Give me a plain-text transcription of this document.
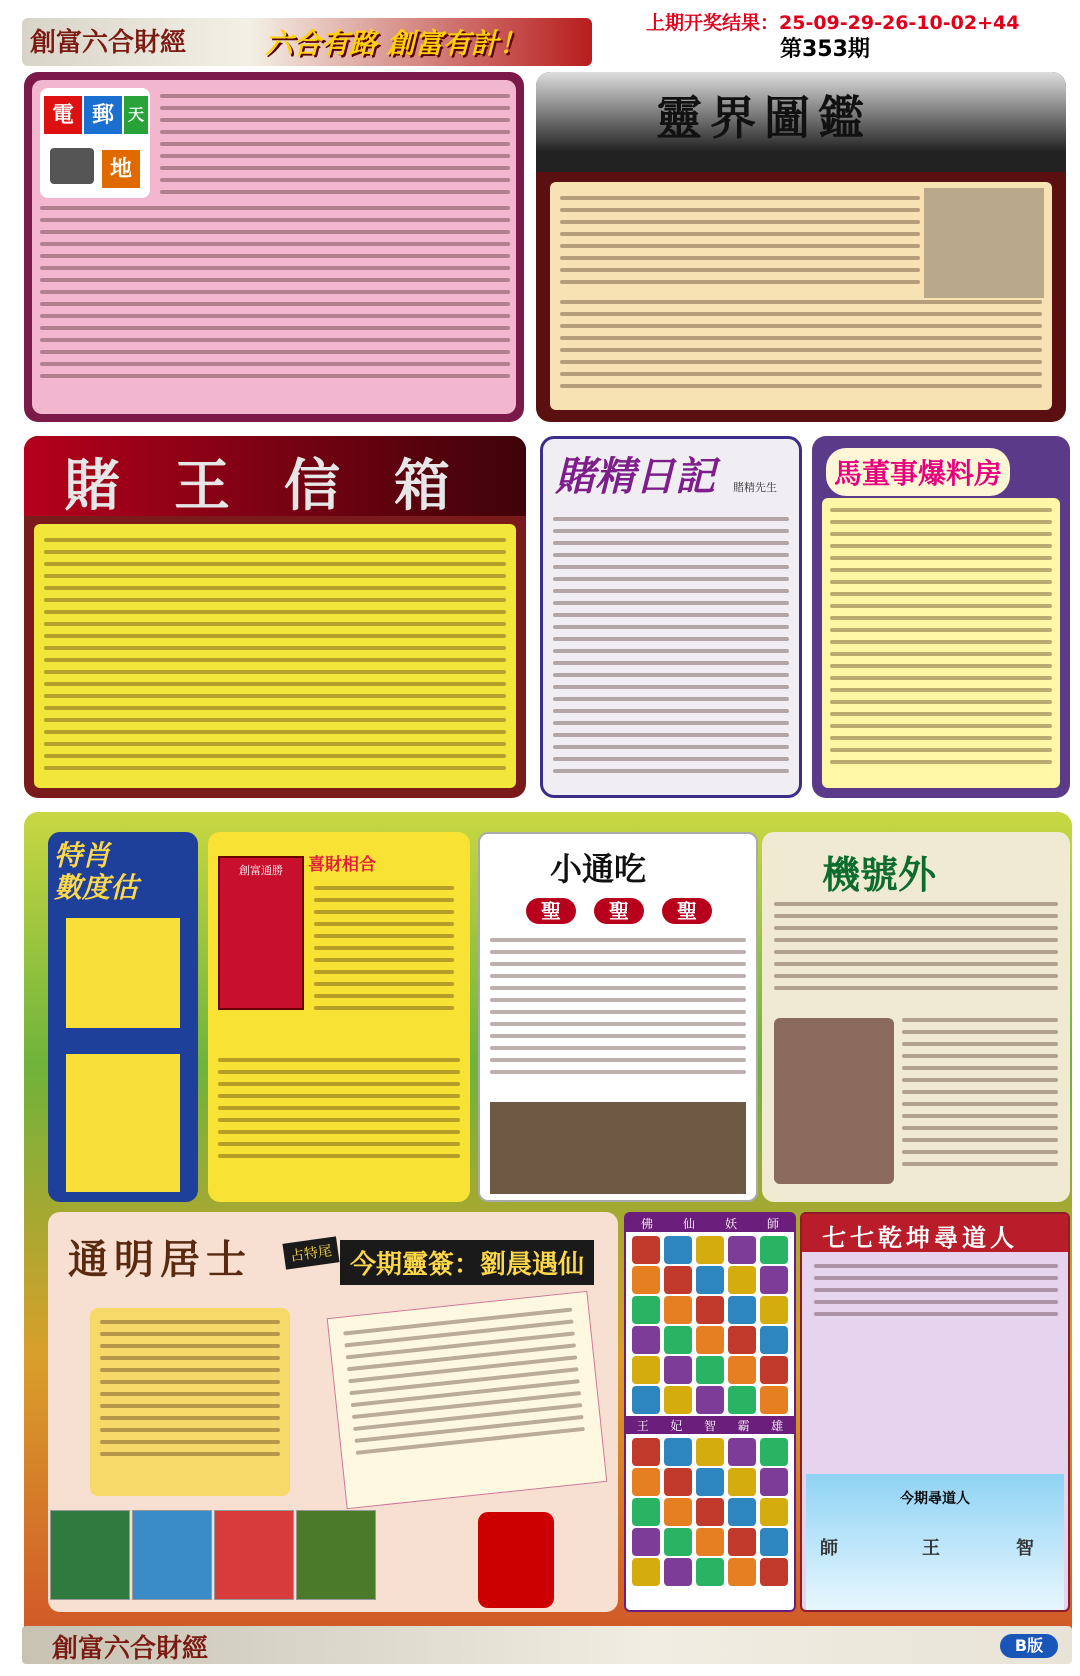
創富六合財經	六合有路 創富有計！
上期开奖结果：25-09-29-26-10-02+44
第353期
電 郵 天
地
靈界圖鑑
賭王信箱 賭精日記 賭精先生 馬董事爆料房
特肖
數度估
創富通勝	喜財相合	小通吃
聖	聖	聖
機號外
通明居士	占特尾 今期靈簽：劉晨遇仙
佛 仙 妖 師
王 妃 智 霸 雄
七七乾坤尋道人
今期尋道人
師	王	智
創富六合財經	B版
